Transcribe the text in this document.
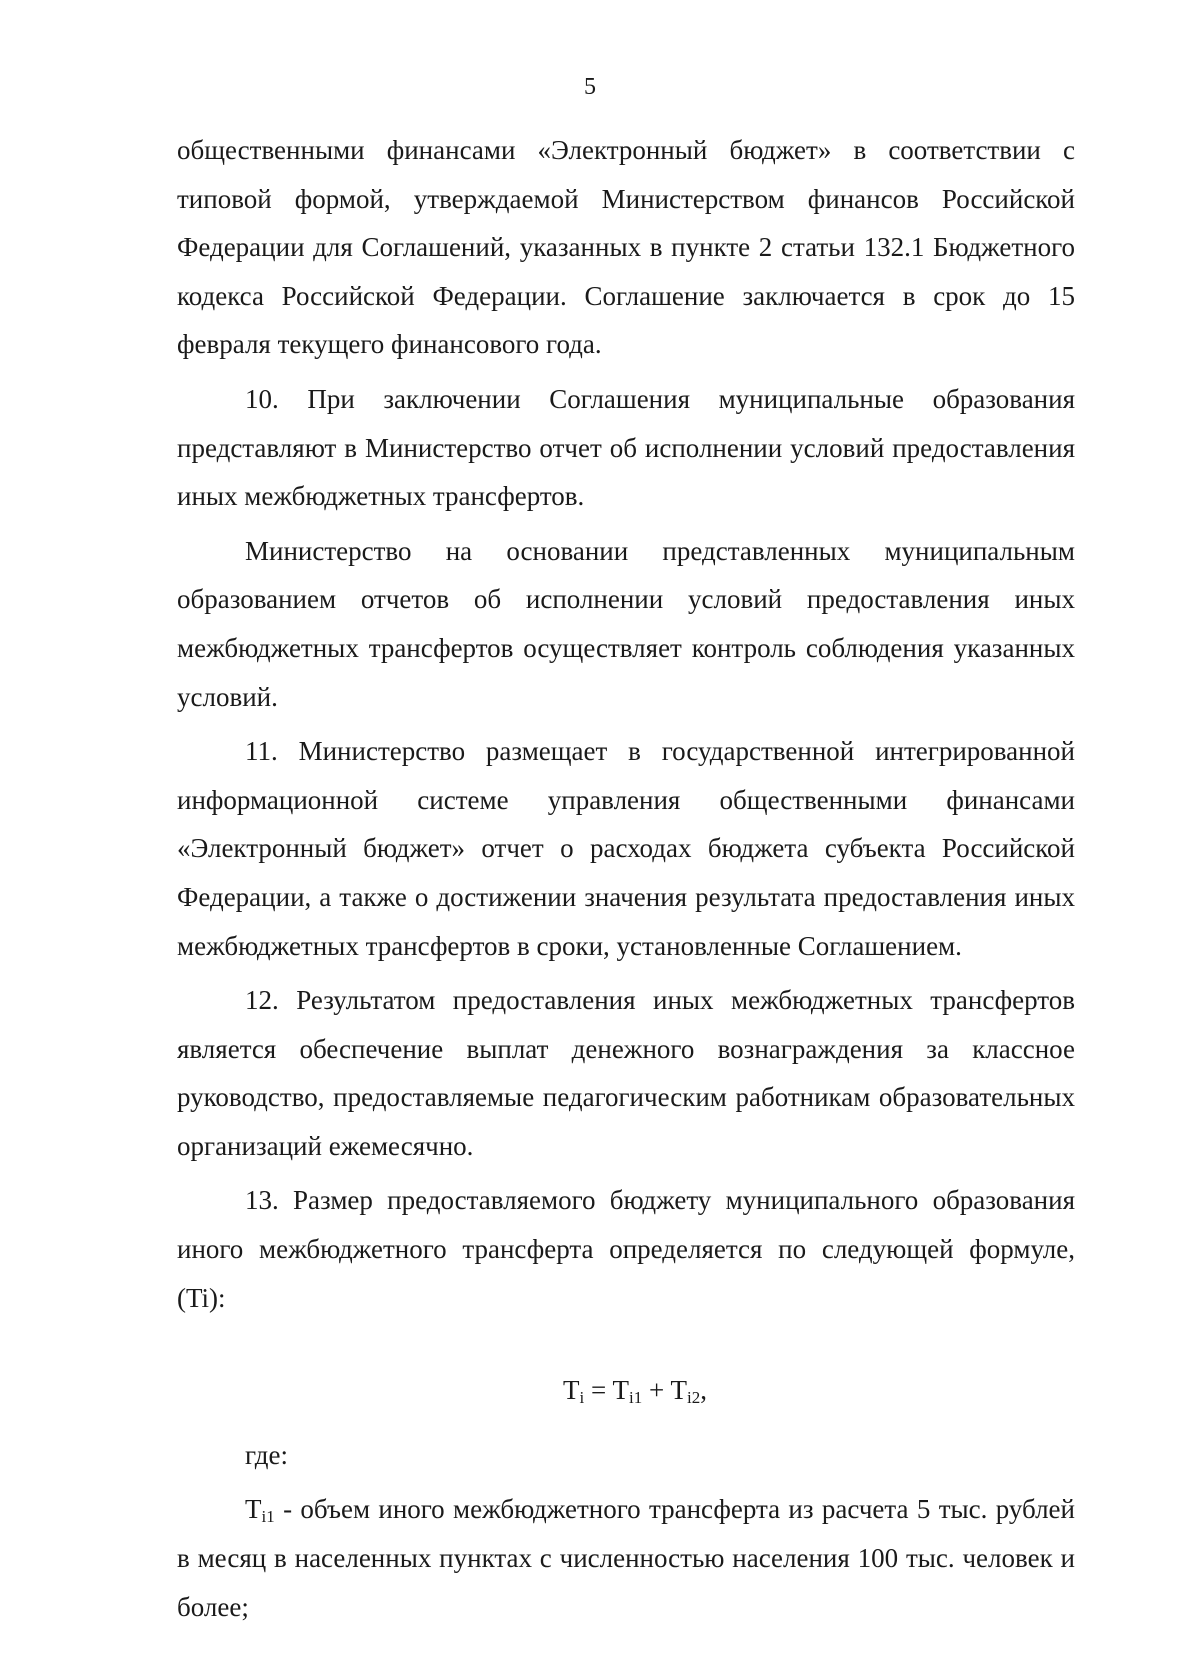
5

общественными финансами «Электронный бюджет» в соответствии с типовой формой, утверждаемой Министерством финансов Российской Федерации для Соглашений, указанных в пункте 2 статьи 132.1 Бюджетного кодекса Российской Федерации. Соглашение заключается в срок до 15 февраля текущего финансового года.

10. При заключении Соглашения муниципальные образования представляют в Министерство отчет об исполнении условий предоставления иных межбюджетных трансфертов.

Министерство на основании представленных муниципальным образованием отчетов об исполнении условий предоставления иных межбюджетных трансфертов осуществляет контроль соблюдения указанных условий.

11. Министерство размещает в государственной интегрированной информационной системе управления общественными финансами «Электронный бюджет» отчет о расходах бюджета субъекта Российской Федерации, а также о достижении значения результата предоставления иных межбюджетных трансфертов в сроки, установленные Соглашением.

12. Результатом предоставления иных межбюджетных трансфертов является обеспечение выплат денежного вознаграждения за классное руководство, предоставляемые педагогическим работникам образовательных организаций ежемесячно.

13. Размер предоставляемого бюджету муниципального образования иного межбюджетного трансферта определяется по следующей формуле, (Ti):

$T_i = T_{i1} + T_{i2}$,

где:

$T_{i1}$ - объем иного межбюджетного трансферта из расчета 5 тыс. рублей в месяц в населенных пунктах с численностью населения 100 тыс. человек и более;
